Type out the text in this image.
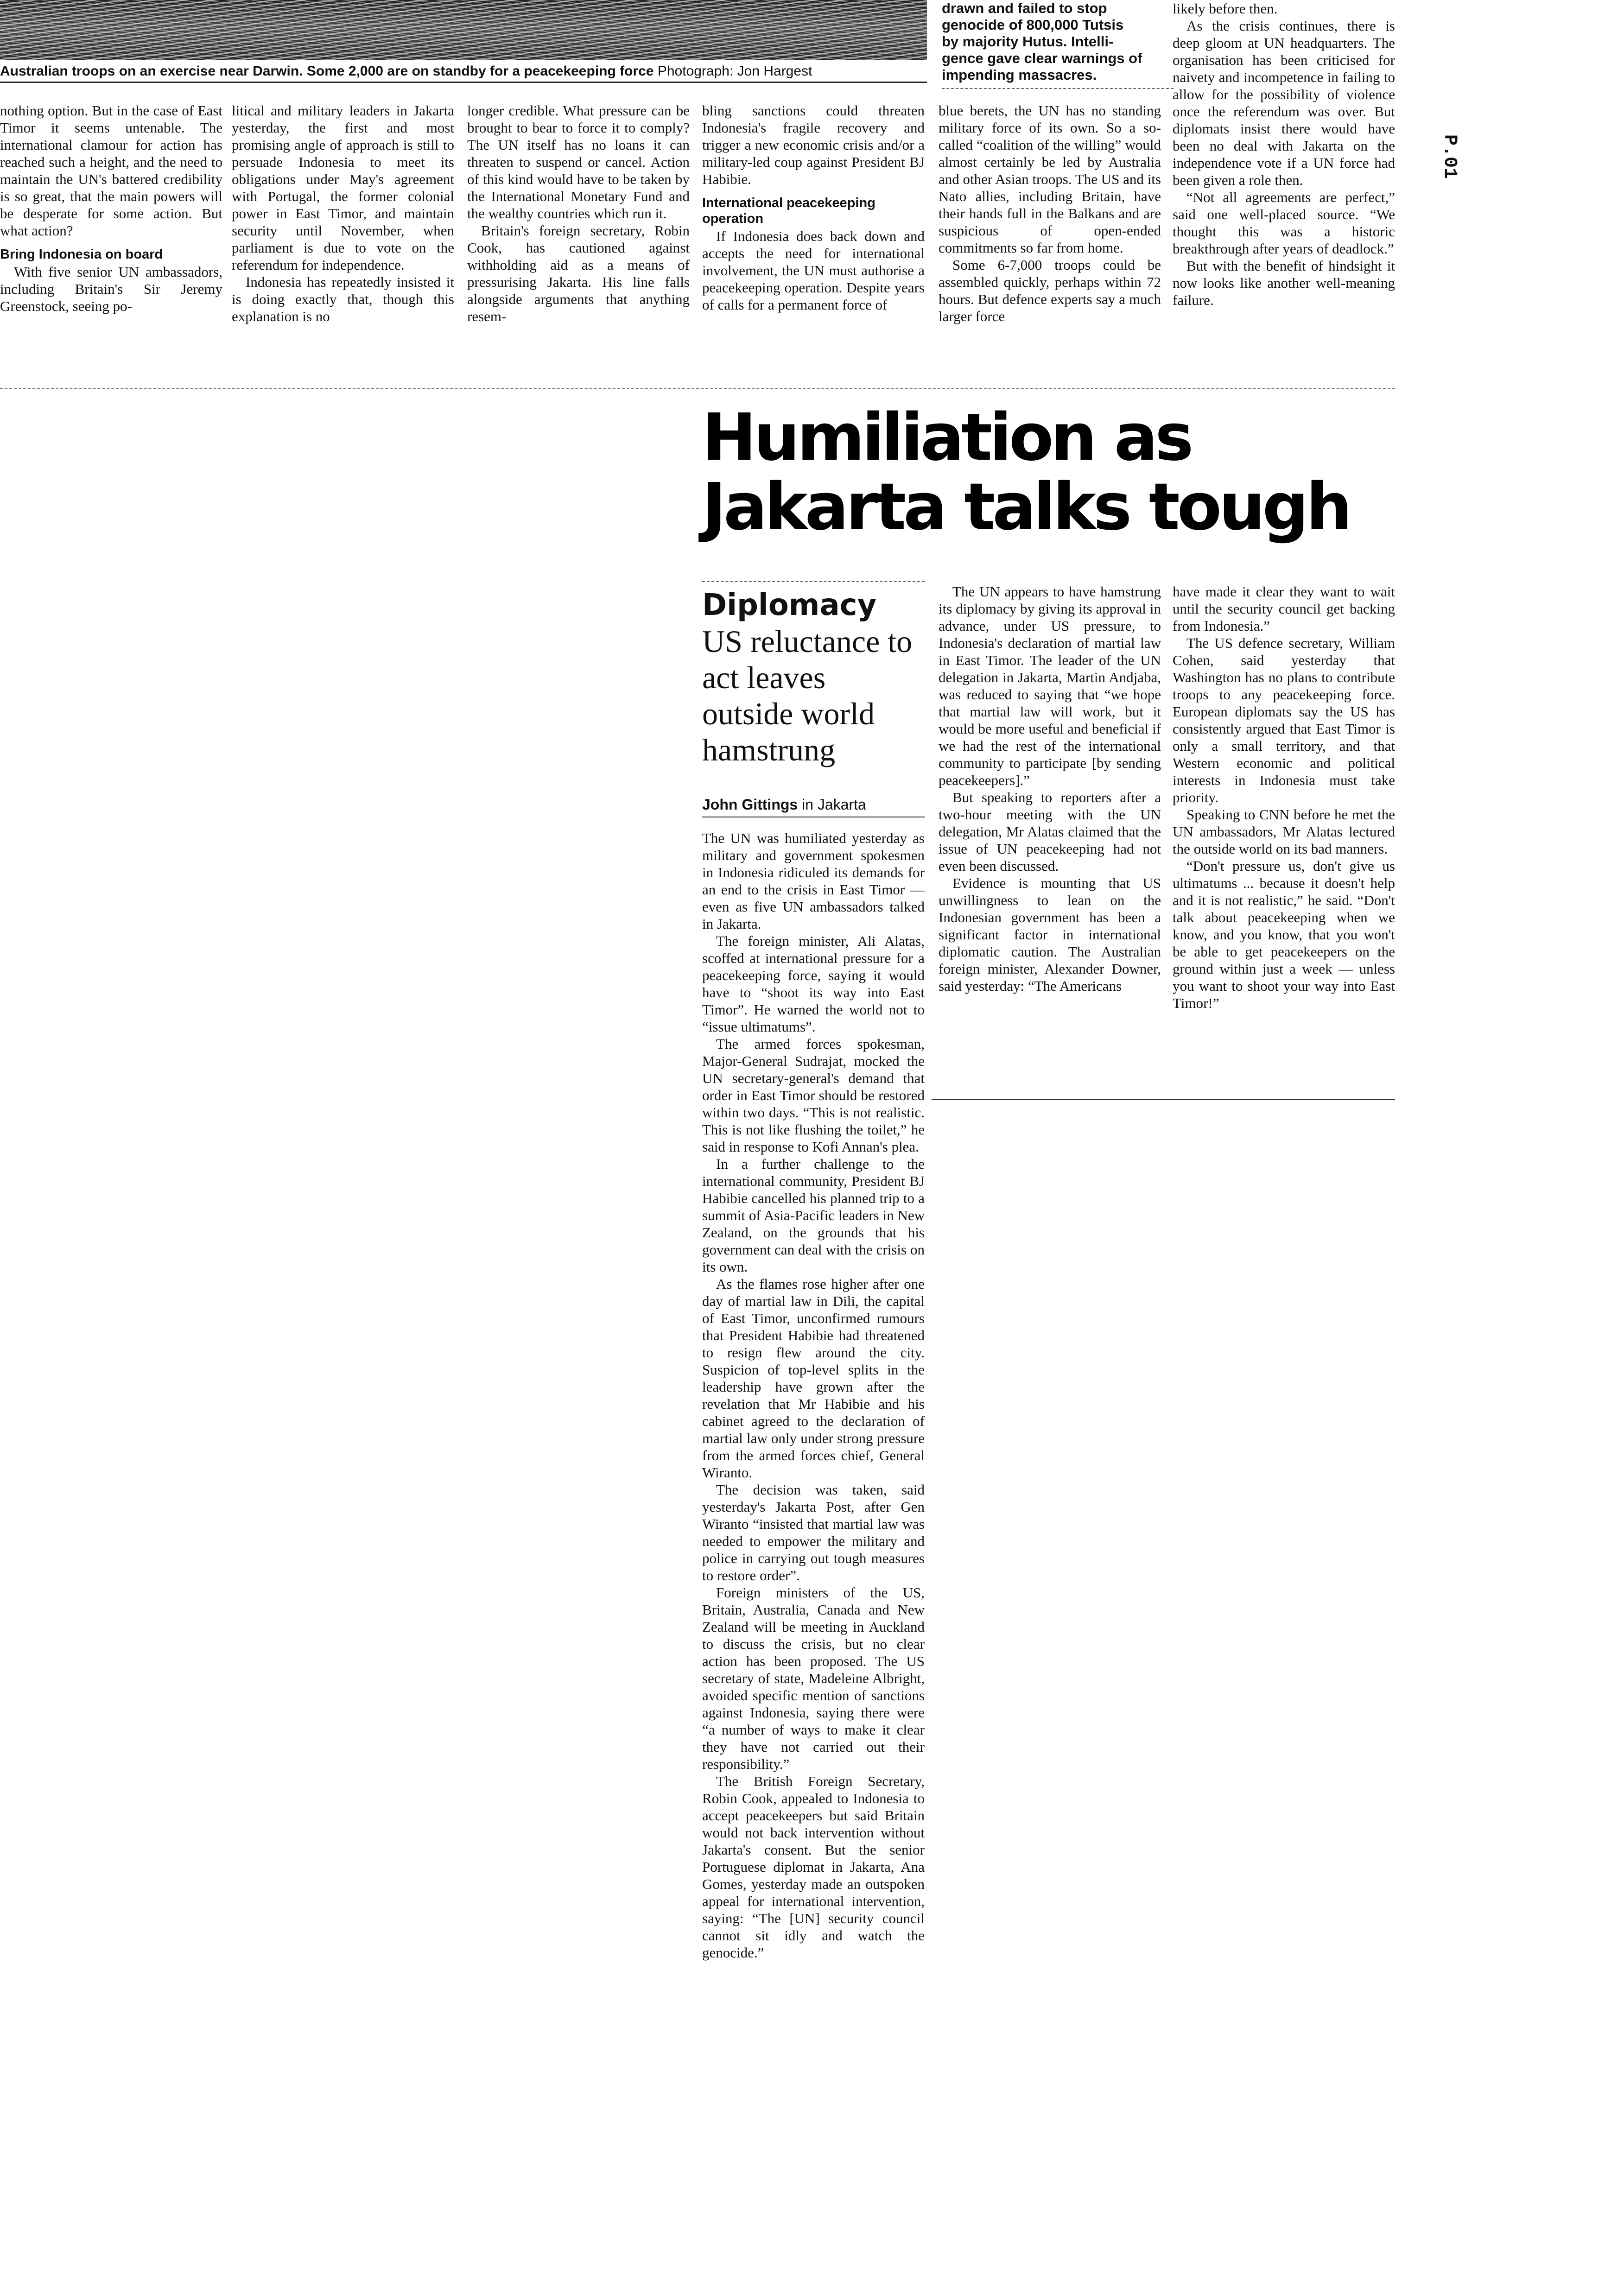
Australian troops on an exercise near Darwin. Some 2,000 are on standby for a peacekeeping force Photograph: Jon Hargest
drawn and failed to stop
genocide of 800,000 Tutsis
by majority Hutus. Intelli-
gence gave clear warnings of
impending massacres.

nothing option. But in the case of East Timor it seems untenable. The international clamour for action has reached such a height, and the need to maintain the UN's battered credibility is so great, that the main powers will be desperate for some action. But what action?

Bring Indonesia on board

With five senior UN ambassadors, including Britain's Sir Jeremy Greenstock, seeing po-

litical and military leaders in Jakarta yesterday, the first and most promising angle of approach is still to persuade Indonesia to meet its obligations under May's agreement with Portugal, the former colonial power in East Timor, and maintain security until November, when parliament is due to vote on the referendum for independence.

Indonesia has repeatedly insisted it is doing exactly that, though this explanation is no

longer credible. What pressure can be brought to bear to force it to comply? The UN itself has no loans it can threaten to suspend or cancel. Action of this kind would have to be taken by the International Monetary Fund and the wealthy countries which run it.

Britain's foreign secretary, Robin Cook, has cautioned against withholding aid as a means of pressurising Jakarta. His line falls alongside arguments that anything resem-

bling sanctions could threaten Indonesia's fragile recovery and trigger a new economic crisis and/or a military-led coup against President BJ Habibie.

International peacekeeping operation

If Indonesia does back down and accepts the need for international involvement, the UN must authorise a peacekeeping operation. Despite years of calls for a permanent force of

blue berets, the UN has no standing military force of its own. So a so-called “coalition of the willing” would almost certainly be led by Australia and other Asian troops. The US and its Nato allies, including Britain, have their hands full in the Balkans and are suspicious of open-ended commitments so far from home.

Some 6-7,000 troops could be assembled quickly, perhaps within 72 hours. But defence experts say a much larger force

likely before then.

As the crisis continues, there is deep gloom at UN headquarters. The organisation has been criticised for naivety and incompetence in failing to allow for the possibility of violence once the referendum was over. But diplomats insist there would have been no deal with Jakarta on the independence vote if a UN force had been given a role then.

“Not all agreements are perfect,” said one well-placed source. “We thought this was a historic breakthrough after years of deadlock.”

But with the benefit of hindsight it now looks like another well-meaning failure.

P.01
Humiliation as
Jakarta talks tough
Diplomacy
US reluctance to act leaves outside world hamstrung
John Gittings in Jakarta

The UN was humiliated yesterday as military and government spokesmen in Indonesia ridiculed its demands for an end to the crisis in East Timor — even as five UN ambassadors talked in Jakarta.

The foreign minister, Ali Alatas, scoffed at international pressure for a peacekeeping force, saying it would have to “shoot its way into East Timor”. He warned the world not to “issue ultimatums”.

The armed forces spokesman, Major-General Sudrajat, mocked the UN secretary-general's demand that order in East Timor should be restored within two days. “This is not realistic. This is not like flushing the toilet,” he said in response to Kofi Annan's plea.

In a further challenge to the international community, President BJ Habibie cancelled his planned trip to a summit of Asia-Pacific leaders in New Zealand, on the grounds that his government can deal with the crisis on its own.

As the flames rose higher after one day of martial law in Dili, the capital of East Timor, unconfirmed rumours that President Habibie had threatened to resign flew around the city. Suspicion of top-level splits in the leadership have grown after the revelation that Mr Habibie and his cabinet agreed to the declaration of martial law only under strong pressure from the armed forces chief, General Wiranto.

The decision was taken, said yesterday's Jakarta Post, after Gen Wiranto “insisted that martial law was needed to empower the military and police in carrying out tough measures to restore order”.

Foreign ministers of the US, Britain, Australia, Canada and New Zealand will be meeting in Auckland to discuss the crisis, but no clear action has been proposed. The US secretary of state, Madeleine Albright, avoided specific mention of sanctions against Indonesia, saying there were “a number of ways to make it clear they have not carried out their responsibility.”

The British Foreign Secretary, Robin Cook, appealed to Indonesia to accept peacekeepers but said Britain would not back intervention without Jakarta's consent. But the senior Portuguese diplomat in Jakarta, Ana Gomes, yesterday made an outspoken appeal for international intervention, saying: “The [UN] security council cannot sit idly and watch the genocide.”

The UN appears to have hamstrung its diplomacy by giving its approval in advance, under US pressure, to Indonesia's declaration of martial law in East Timor. The leader of the UN delegation in Jakarta, Martin Andjaba, was reduced to saying that “we hope that martial law will work, but it would be more useful and beneficial if we had the rest of the international community to participate [by sending peacekeepers].”

But speaking to reporters after a two-hour meeting with the UN delegation, Mr Alatas claimed that the issue of UN peacekeeping had not even been discussed.

Evidence is mounting that US unwillingness to lean on the Indonesian government has been a significant factor in international diplomatic caution. The Australian foreign minister, Alexander Downer, said yesterday: “The Americans

have made it clear they want to wait until the security council get backing from Indonesia.”

The US defence secretary, William Cohen, said yesterday that Washington has no plans to contribute troops to any peacekeeping force. European diplomats say the US has consistently argued that East Timor is only a small territory, and that Western economic and political interests in Indonesia must take priority.

Speaking to CNN before he met the UN ambassadors, Mr Alatas lectured the outside world on its bad manners.

“Don't pressure us, don't give us ultimatums ... because it doesn't help and it is not realistic,” he said. “Don't talk about peacekeeping when we know, and you know, that you won't be able to get peacekeepers on the ground within just a week — unless you want to shoot your way into East Timor!”
